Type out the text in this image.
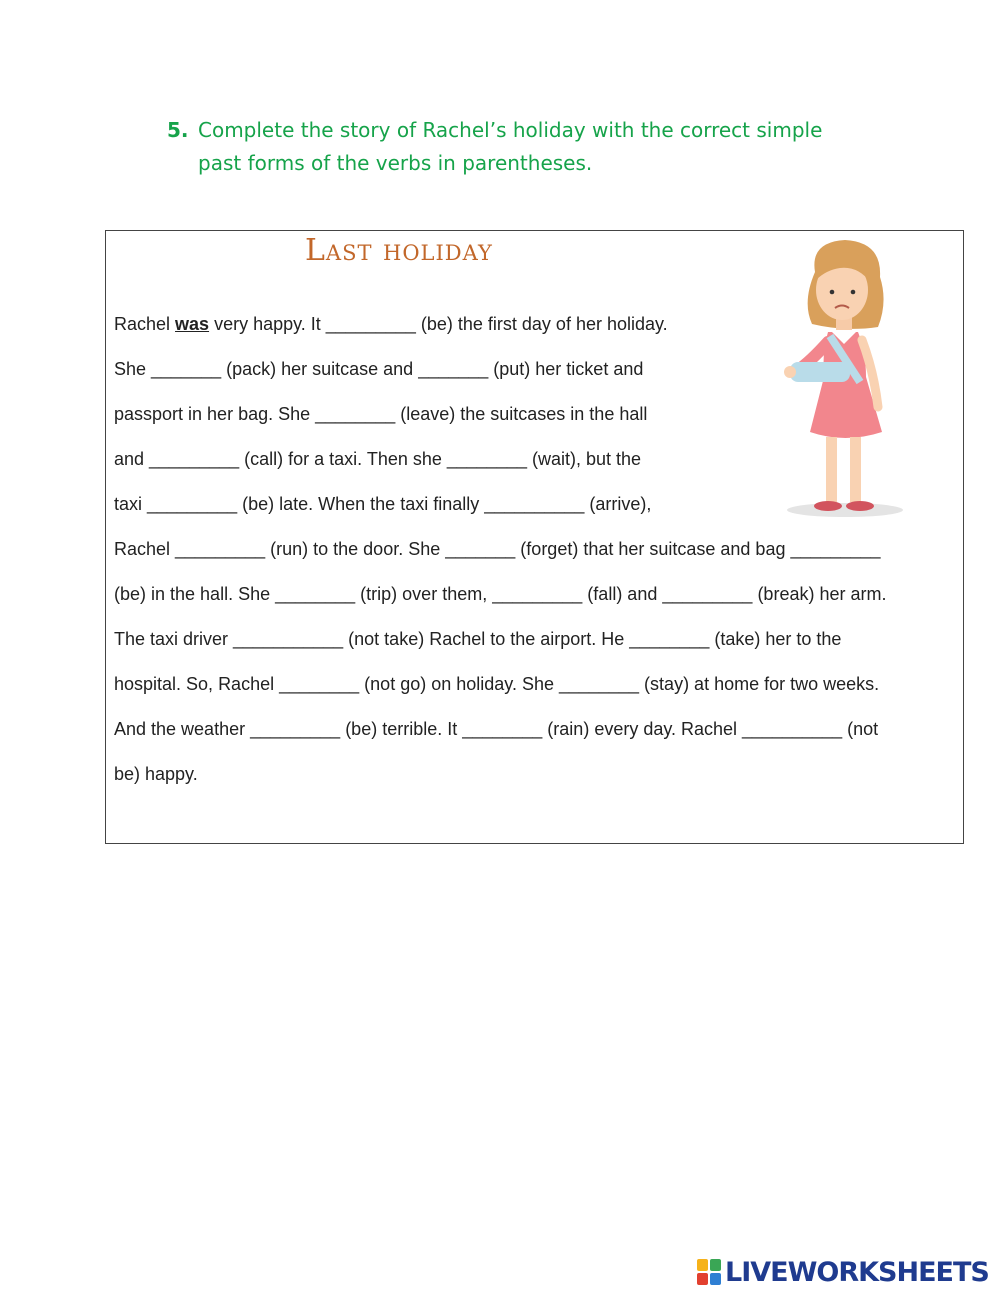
5. Complete the story of Rachel’s holiday with the correct simple
past forms of the verbs in parentheses.
Last holiday
Rachel was very happy. It _________ (be) the first day of her holiday.
She _______ (pack) her suitcase and _______ (put) her ticket and
passport in her bag. She ________ (leave) the suitcases in the hall
and _________ (call) for a taxi. Then she ________ (wait), but the
taxi _________ (be) late. When the taxi finally __________ (arrive),
Rachel _________ (run) to the door. She _______ (forget) that her suitcase and bag _________
(be) in the hall. She ________ (trip) over them, _________ (fall) and _________ (break) her arm.
The taxi driver ___________ (not take) Rachel to the airport. He ________ (take) her to the
hospital. So, Rachel ________ (not go) on holiday. She ________ (stay) at home for two weeks.
And the weather _________ (be) terrible. It ________ (rain) every day. Rachel __________ (not
be) happy.
LIVEWORKSHEETS
